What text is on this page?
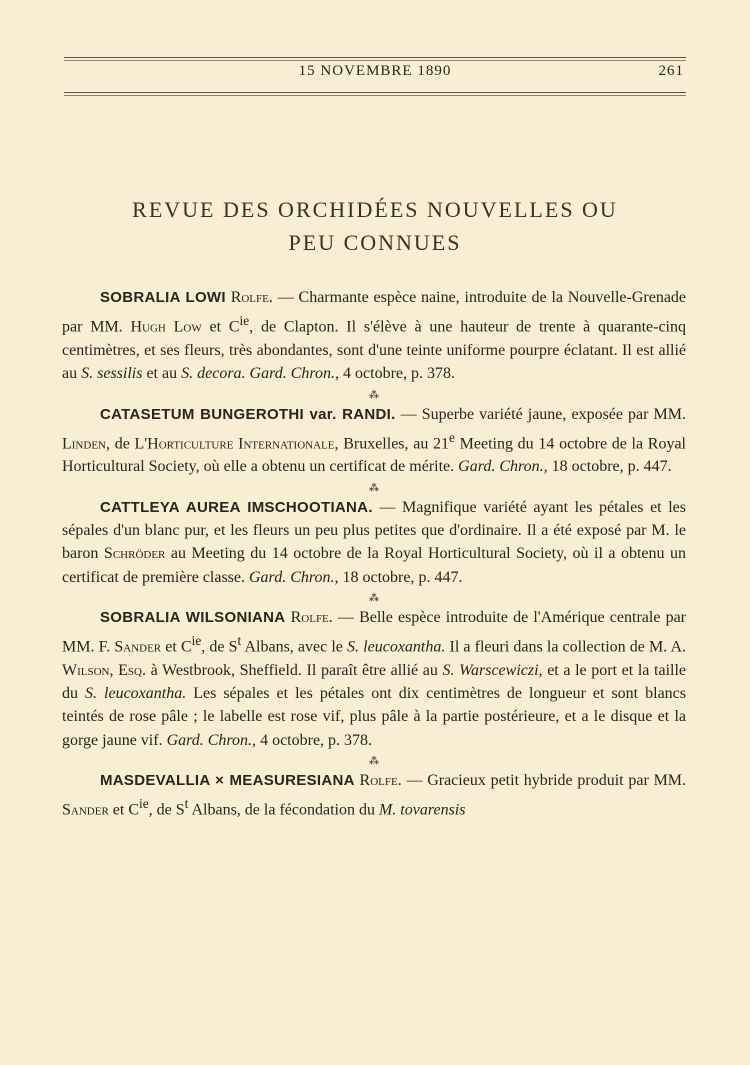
15 NOVEMBRE 1890	261
REVUE DES ORCHIDÉES NOUVELLES OU
PEU CONNUES

SOBRALIA LOWI Rolfe. — Charmante espèce naine, introduite de la Nouvelle-Grenade par MM. Hugh Low et $C^{ie}$, de Clapton. Il s'élève à une hauteur de trente à quarante-cinq centimètres, et ses fleurs, très abondantes, sont d'une teinte uniforme pourpre éclatant. Il est allié au S. sessilis et au S. decora. Gard. Chron., 4 octobre, p. 378.

⁂

CATASETUM BUNGEROTHI var. RANDI. — Superbe variété jaune, exposée par MM. Linden, de L'Horticulture Internationale, Bruxelles, au 21e Meeting du 14 octobre de la Royal Horticultural Society, où elle a obtenu un certificat de mérite. Gard. Chron., 18 octobre, p. 447.

⁂

CATTLEYA AUREA IMSCHOOTIANA. — Magnifique variété ayant les pétales et les sépales d'un blanc pur, et les fleurs un peu plus petites que d'ordinaire. Il a été exposé par M. le baron Schröder au Meeting du 14 octobre de la Royal Horticultural Society, où il a obtenu un certificat de première classe. Gard. Chron., 18 octobre, p. 447.

⁂

SOBRALIA WILSONIANA Rolfe. — Belle espèce introduite de l'Amérique centrale par MM. F. Sander et $C^{ie}$, de $S^t$ Albans, avec le S. leucoxantha. Il a fleuri dans la collection de M. A. Wilson, Esq. à Westbrook, Sheffield. Il paraît être allié au S. Warscewiczi, et a le port et la taille du S. leucoxantha. Les sépales et les pétales ont dix centimètres de longueur et sont blancs teintés de rose pâle ; le labelle est rose vif, plus pâle à la partie postérieure, et a le disque et la gorge jaune vif. Gard. Chron., 4 octobre, p. 378.

⁂

MASDEVALLIA × MEASURESIANA Rolfe. — Gracieux petit hybride produit par MM. Sander et $C^{ie}$, de $S^t$ Albans, de la fécondation du M. tovarensis
